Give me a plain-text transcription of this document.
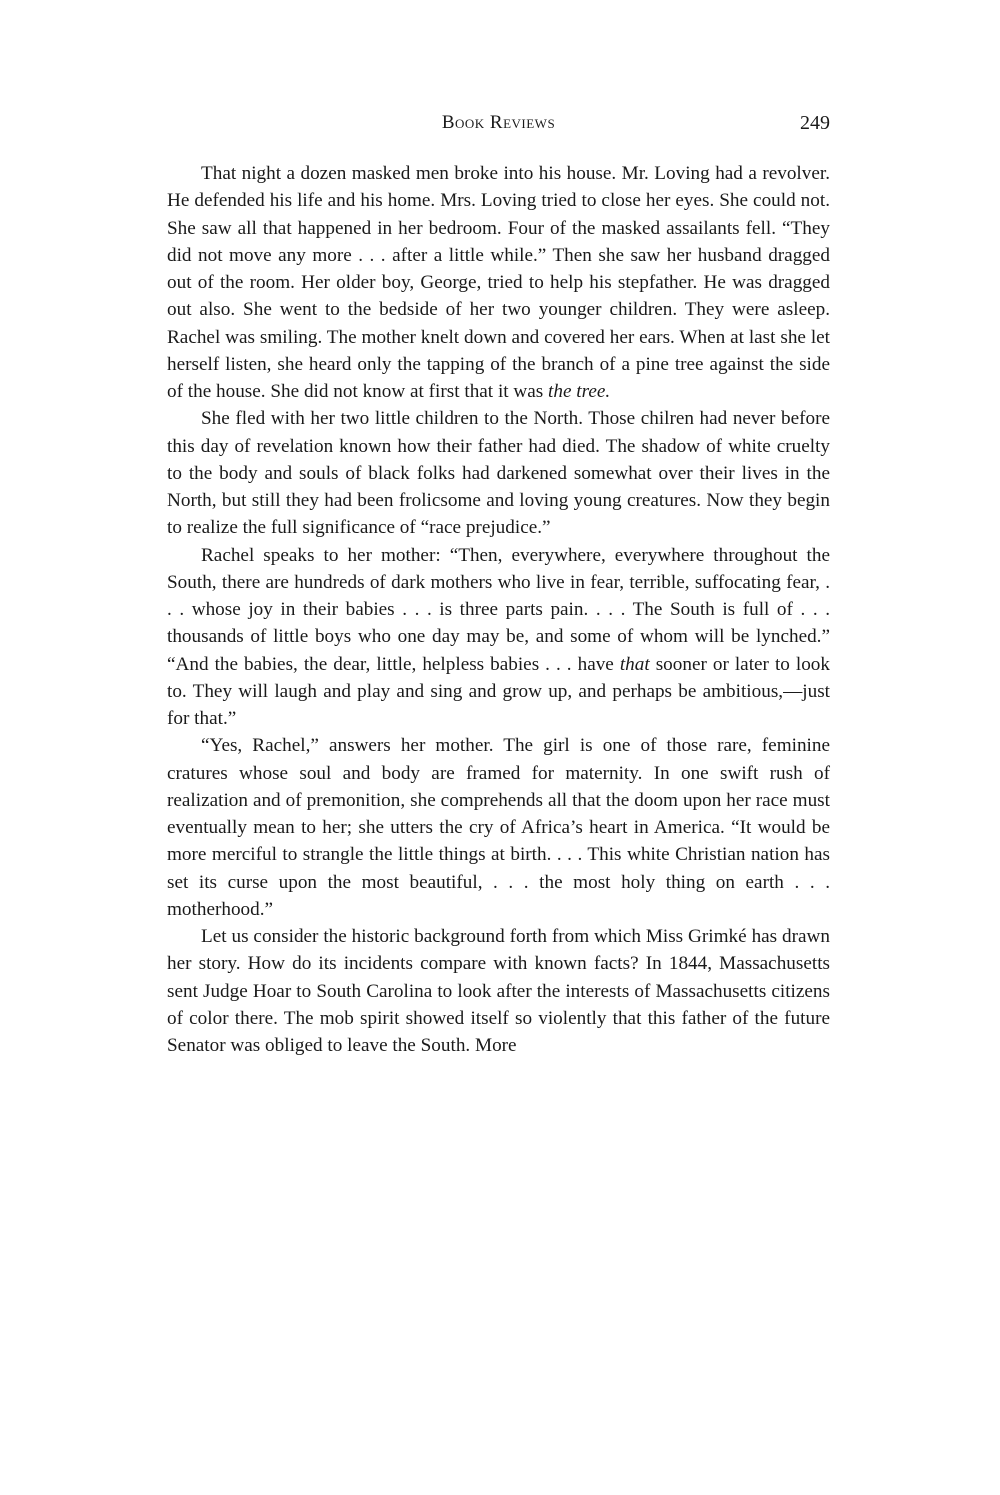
Book Reviews	249

That night a dozen masked men broke into his house. Mr. Loving had a revolver. He defended his life and his home. Mrs. Loving tried to close her eyes. She could not. She saw all that happened in her bedroom. Four of the masked assailants fell. “They did not move any more . . . after a little while.” Then she saw her husband dragged out of the room. Her older boy, George, tried to help his stepfather. He was dragged out also. She went to the bedside of her two younger children. They were asleep. Rachel was smiling. The mother knelt down and covered her ears. When at last she let herself listen, she heard only the tapping of the branch of a pine tree against the side of the house. She did not know at first that it was the tree.

She fled with her two little children to the North. Those chilren had never before this day of revelation known how their father had died. The shadow of white cruelty to the body and souls of black folks had darkened somewhat over their lives in the North, but still they had been frolicsome and loving young creatures. Now they begin to realize the full significance of “race prejudice.”

Rachel speaks to her mother: “Then, everywhere, everywhere throughout the South, there are hundreds of dark mothers who live in fear, terrible, suffocating fear, . . . whose joy in their babies . . . is three parts pain. . . . The South is full of . . . thousands of little boys who one day may be, and some of whom will be lynched.” “And the babies, the dear, little, helpless babies . . . have that sooner or later to look to. They will laugh and play and sing and grow up, and perhaps be ambitious,—just for that.”

“Yes, Rachel,” answers her mother. The girl is one of those rare, feminine cratures whose soul and body are framed for maternity. In one swift rush of realization and of premonition, she comprehends all that the doom upon her race must eventually mean to her; she utters the cry of Africa’s heart in America. “It would be more merciful to strangle the little things at birth. . . . This white Christian nation has set its curse upon the most beautiful, . . . the most holy thing on earth . . . motherhood.”

Let us consider the historic background forth from which Miss Grimké has drawn her story. How do its incidents compare with known facts? In 1844, Massachusetts sent Judge Hoar to South Carolina to look after the interests of Massachusetts citizens of color there. The mob spirit showed itself so violently that this father of the future Senator was obliged to leave the South. More
